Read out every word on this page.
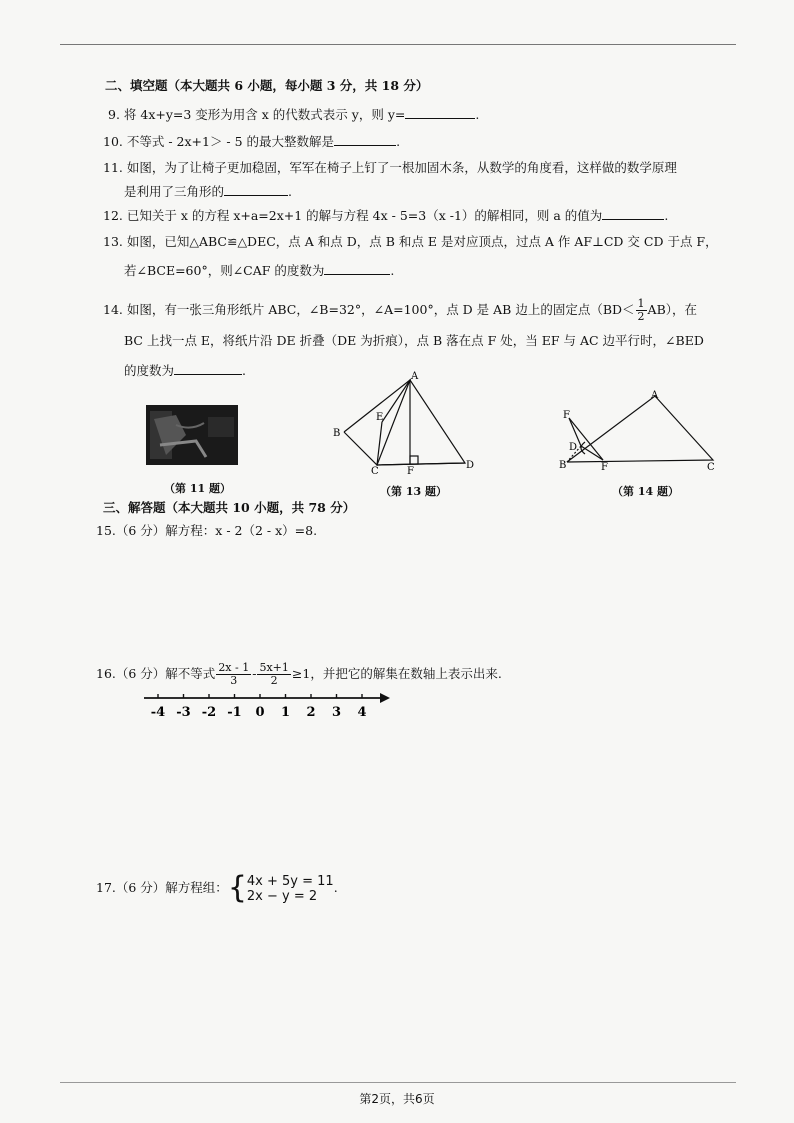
二、填空题（本大题共 6 小题，每小题 3 分，共 18 分）
9. 将 4x+y=3 变形为用含 x 的代数式表示 y，则 y=	.
10. 不等式 - 2x+1＞ - 5 的最大整数解是	.
11. 如图，为了让椅子更加稳固，军军在椅子上钉了一根加固木条，从数学的角度看，这样做的数学原理
是利用了三角形的	.
12. 已知关于 x 的方程 x+a=2x+1 的解与方程 4x - 5=3（x -1）的解相同，则 a 的值为	.
13. 如图，已知△ABC≌△DEC，点 A 和点 D，点 B 和点 E 是对应顶点，过点 A 作 AF⊥CD 交 CD 于点 F，
若∠BCE=60°，则∠CAF 的度数为	.
14. 如图，有一张三角形纸片 ABC，∠B=32°，∠A=100°，点 D 是 AB 边上的固定点$(BD< \frac{1}{2} AB)$，在
BC 上找一点 E，将纸片沿 DE 折叠（DE 为折痕），点 B 落在点 F 处，当 EF 与 AC 边平行时，∠BED
的度数为	.
（第 11 题）
A
B
E
C	F
D
（第 13 题）
A
F
D
B	F	C
（第 14 题）
三、解答题（本大题共 10 小题，共 78 分）
15.（6 分）解方程：x - 2（2 - x）=8.
16.（6 分）解不等式 $\frac{2x - 1}{3} - \frac{5x+1}{2} \ge 1$，并把它的解集在数轴上表示出来.
-4 -3 -2 -1 0 1 2 3 4
17.（6 分）解方程组：{ 4x + 5y = 11
2x − y = 2
.
第2页，共6页
